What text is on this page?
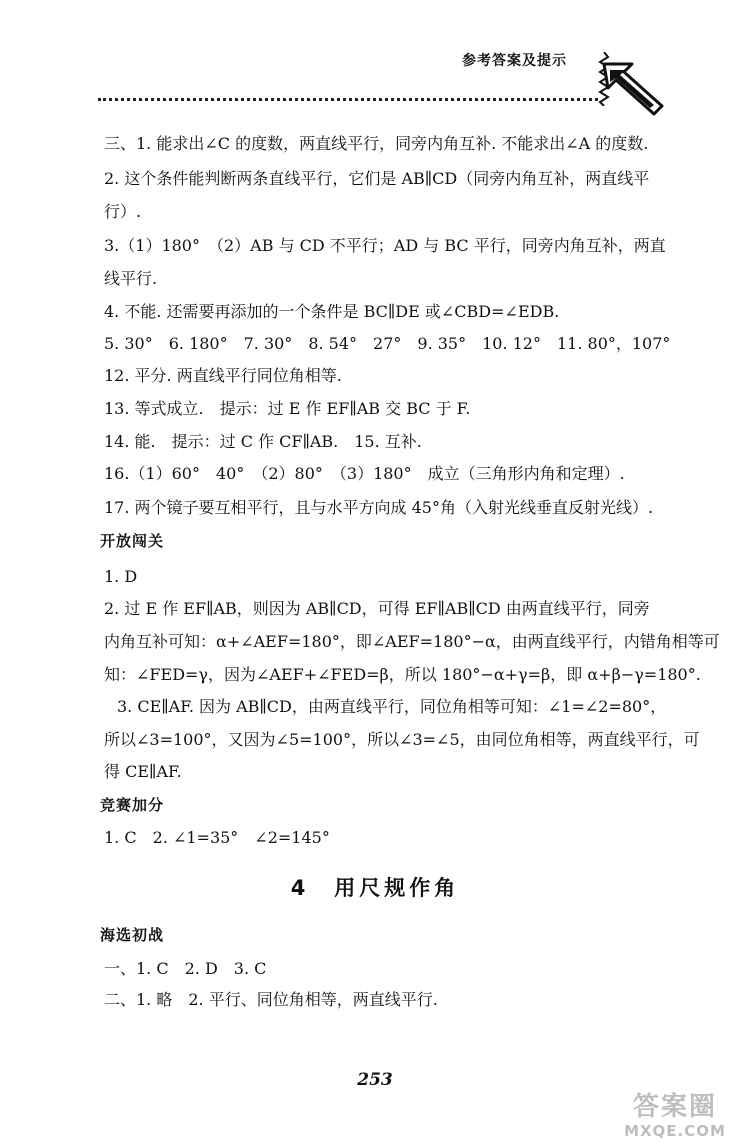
参考答案及提示
三、1. 能求出∠C 的度数，两直线平行，同旁内角互补. 不能求出∠A 的度数.
2. 这个条件能判断两条直线平行，它们是 AB∥CD（同旁内角互补，两直线平
行）.
3.（1）180°　（2）AB 与 CD 不平行；AD 与 BC 平行，同旁内角互补，两直
线平行.
4. 不能. 还需要再添加的一个条件是 BC∥DE 或∠CBD=∠EDB.
5. 30°　6. 180°　7. 30°　8. 54°　27°　9. 35°　10. 12°　11. 80°，107°
12. 平分. 两直线平行同位角相等.
13. 等式成立.　提示：过 E 作 EF∥AB 交 BC 于 F.
14. 能.　提示：过 C 作 CF∥AB.　15. 互补.
16.（1）60°　40°　（2）80°　（3）180°　成立（三角形内角和定理）.
17. 两个镜子要互相平行，且与水平方向成 45°角（入射光线垂直反射光线）.
开放闯关
1. D
2. 过 E 作 EF∥AB，则因为 AB∥CD，可得 EF∥AB∥CD 由两直线平行，同旁
内角互补可知：α+∠AEF=180°，即∠AEF=180°−α，由两直线平行，内错角相等可
知：∠FED=γ，因为∠AEF+∠FED=β，所以 180°−α+γ=β，即 α+β−γ=180°.
3. CE∥AF. 因为 AB∥CD，由两直线平行，同位角相等可知：∠1=∠2=80°，
所以∠3=100°，又因为∠5=100°，所以∠3=∠5，由同位角相等，两直线平行，可
得 CE∥AF.
竞赛加分
1. C　2. ∠1=35°　∠2=145°
4　用尺规作角
海选初战
一、1. C　2. D　3. C
二、1. 略　2. 平行、同位角相等，两直线平行.
253
答案圈
MXQE.COM
